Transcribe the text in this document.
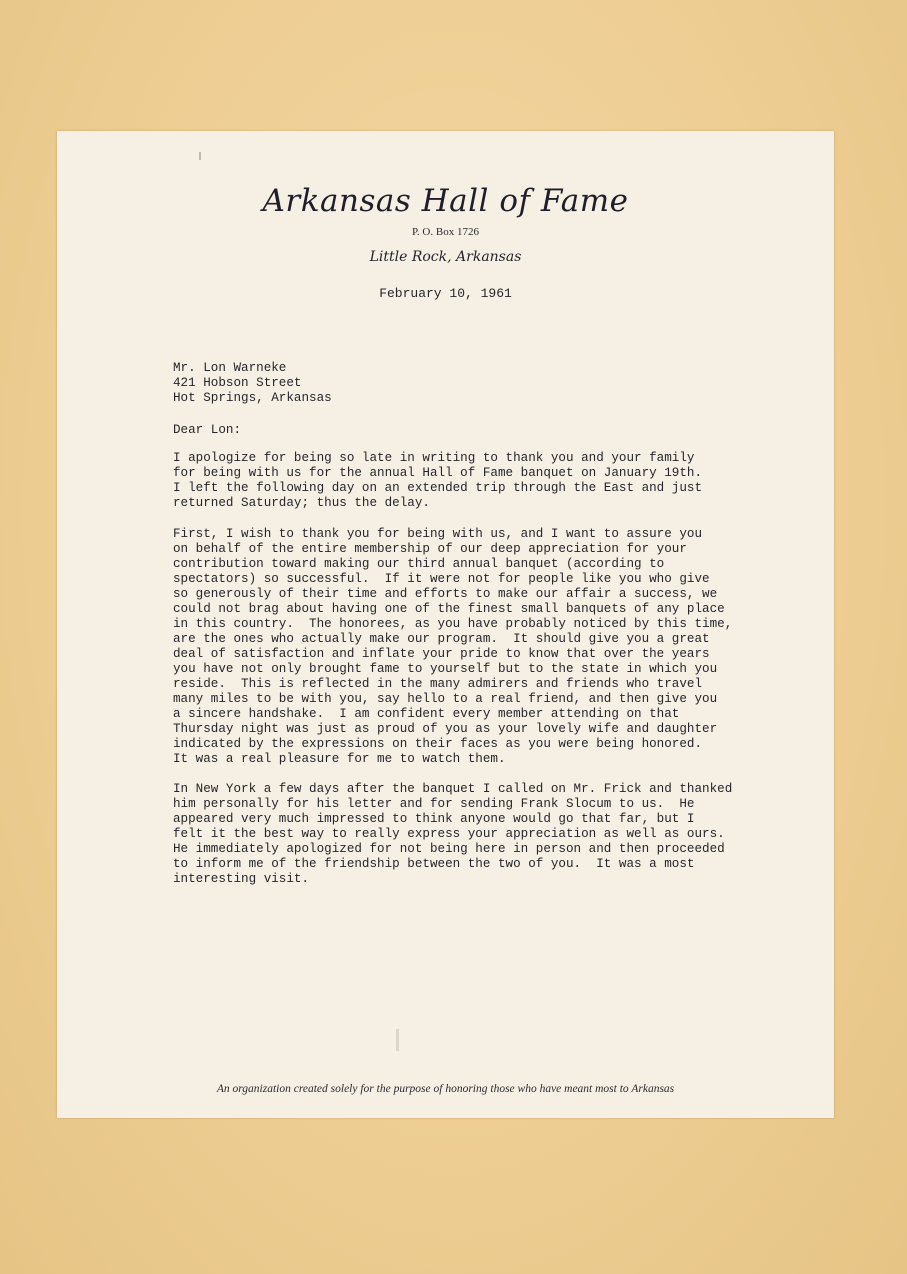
Arkansas Hall of Fame
P. O. Box 1726
Little Rock, Arkansas
February 10, 1961
Mr. Lon Warneke
421 Hobson Street
Hot Springs, Arkansas
Dear Lon:
I apologize for being so late in writing to thank you and your family
for being with us for the annual Hall of Fame banquet on January 19th.
I left the following day on an extended trip through the East and just
returned Saturday; thus the delay.
First, I wish to thank you for being with us, and I want to assure you
on behalf of the entire membership of our deep appreciation for your
contribution toward making our third annual banquet (according to
spectators) so successful.  If it were not for people like you who give
so generously of their time and efforts to make our affair a success, we
could not brag about having one of the finest small banquets of any place
in this country.  The honorees, as you have probably noticed by this time,
are the ones who actually make our program.  It should give you a great
deal of satisfaction and inflate your pride to know that over the years
you have not only brought fame to yourself but to the state in which you
reside.  This is reflected in the many admirers and friends who travel
many miles to be with you, say hello to a real friend, and then give you
a sincere handshake.  I am confident every member attending on that
Thursday night was just as proud of you as your lovely wife and daughter
indicated by the expressions on their faces as you were being honored.
It was a real pleasure for me to watch them.
In New York a few days after the banquet I called on Mr. Frick and thanked
him personally for his letter and for sending Frank Slocum to us.  He
appeared very much impressed to think anyone would go that far, but I
felt it the best way to really express your appreciation as well as ours.
He immediately apologized for not being here in person and then proceeded
to inform me of the friendship between the two of you.  It was a most
interesting visit.
An organization created solely for the purpose of honoring those who have meant most to Arkansas
